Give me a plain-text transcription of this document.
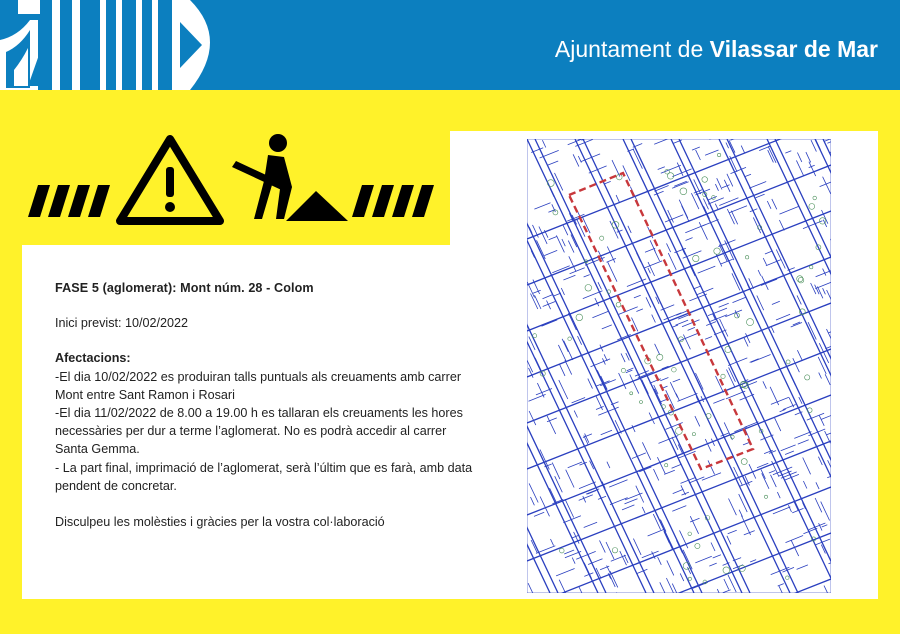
Ajuntament de Vilassar de Mar
FASE 5 (aglomerat): Mont núm. 28 - Colom
Inici previst: 10/02/2022
Afectacions:
-El dia 10/02/2022 es produiran talls puntuals als creuaments amb carrer
Mont entre Sant Ramon i Rosari
-El dia 11/02/2022 de 8.00 a 19.00 h es tallaran els creuaments les hores
necessàries per dur a terme l’aglomerat. No es podrà accedir al carrer
Santa Gemma.
- La part final, imprimació de l’aglomerat, serà l’últim que es farà, amb data
pendent de concretar.
Disculpeu les molèsties i gràcies per la vostra col·laboració
